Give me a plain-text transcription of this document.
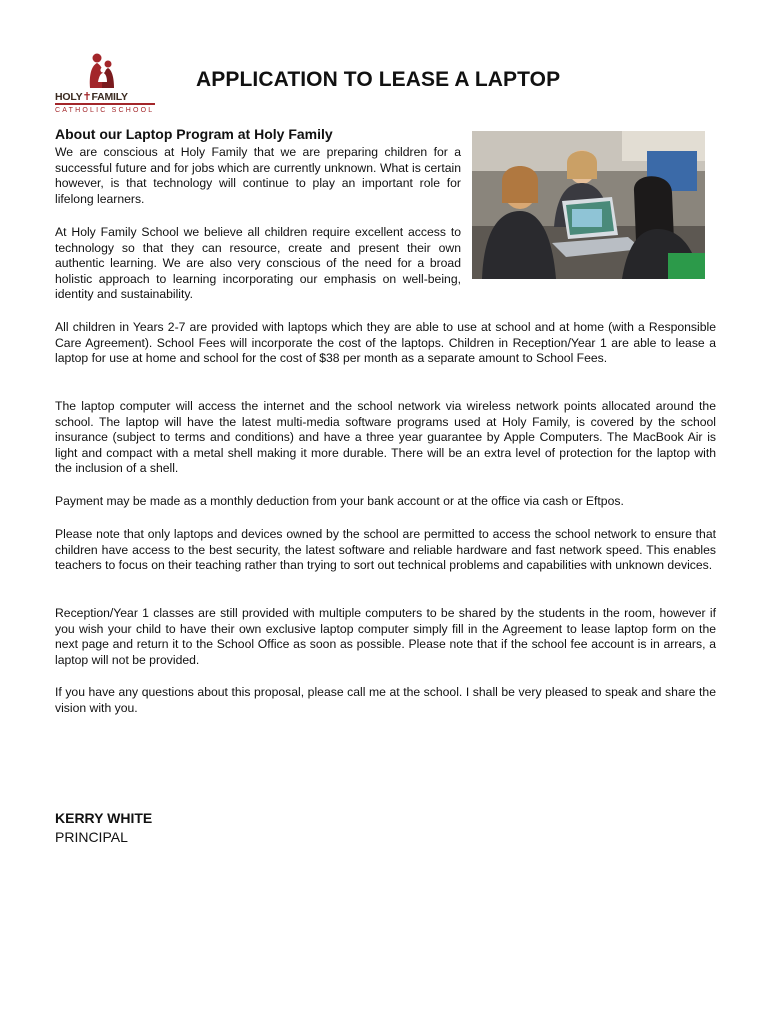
HOLY✝FAMILY
CATHOLIC SCHOOL
APPLICATION TO LEASE A LAPTOP
About our Laptop Program at Holy Family

We are conscious at Holy Family that we are preparing children for a successful future and for jobs which are currently unknown. What is certain however, is that technology will continue to play an important role for lifelong learners.

At Holy Family School we believe all children require excellent access to technology so that they can resource, create and present their own authentic learning. We are also very conscious of the need for a broad holistic approach to learning incorporating our emphasis on well-being, identity and sustainability.

All children in Years 2-7 are provided with laptops which they are able to use at school and at home (with a Responsible Care Agreement). School Fees will incorporate the cost of the laptops. Children in Reception/Year 1 are able to lease a laptop for use at home and school for the cost of $38 per month as a separate amount to School Fees.

The laptop computer will access the internet and the school network via wireless network points allocated around the school. The laptop will have the latest multi-media software programs used at Holy Family, is covered by the school insurance (subject to terms and conditions) and have a three year guarantee by Apple Computers. The MacBook Air is light and compact with a metal shell making it more durable. There will be an extra level of protection for the laptop with the inclusion of a shell.

Payment may be made as a monthly deduction from your bank account or at the office via cash or Eftpos.

Please note that only laptops and devices owned by the school are permitted to access the school network to ensure that children have access to the best security, the latest software and reliable hardware and fast network speed. This enables teachers to focus on their teaching rather than trying to sort out technical problems and capabilities with unknown devices.

Reception/Year 1 classes are still provided with multiple computers to be shared by the students in the room, however if you wish your child to have their own exclusive laptop computer simply fill in the Agreement to lease laptop form on the next page and return it to the School Office as soon as possible. Please note that if the school fee account is in arrears, a laptop will not be provided.

If you have any questions about this proposal, please call me at the school. I shall be very pleased to speak and share the vision with you.

KERRY WHITE

PRINCIPAL
